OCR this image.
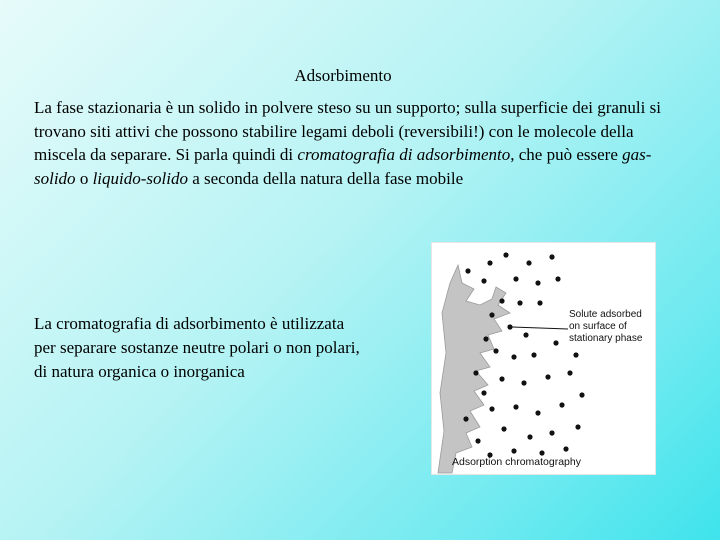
Adsorbimento

La fase stazionaria è un solido in polvere steso su un supporto; sulla superficie dei granuli si trovano siti attivi che possono stabilire legami deboli (reversibili!) con le molecole della miscela da separare. Si parla quindi di cromatografia di adsorbimento, che può essere gas-solido o liquido-solido a seconda della natura della fase mobile

La cromatografia di adsorbimento è utilizzata per separare sostanze neutre polari o non polari, di natura organica o inorganica

Solute adsorbed on surface of stationary phase

Adsorption chromatography
